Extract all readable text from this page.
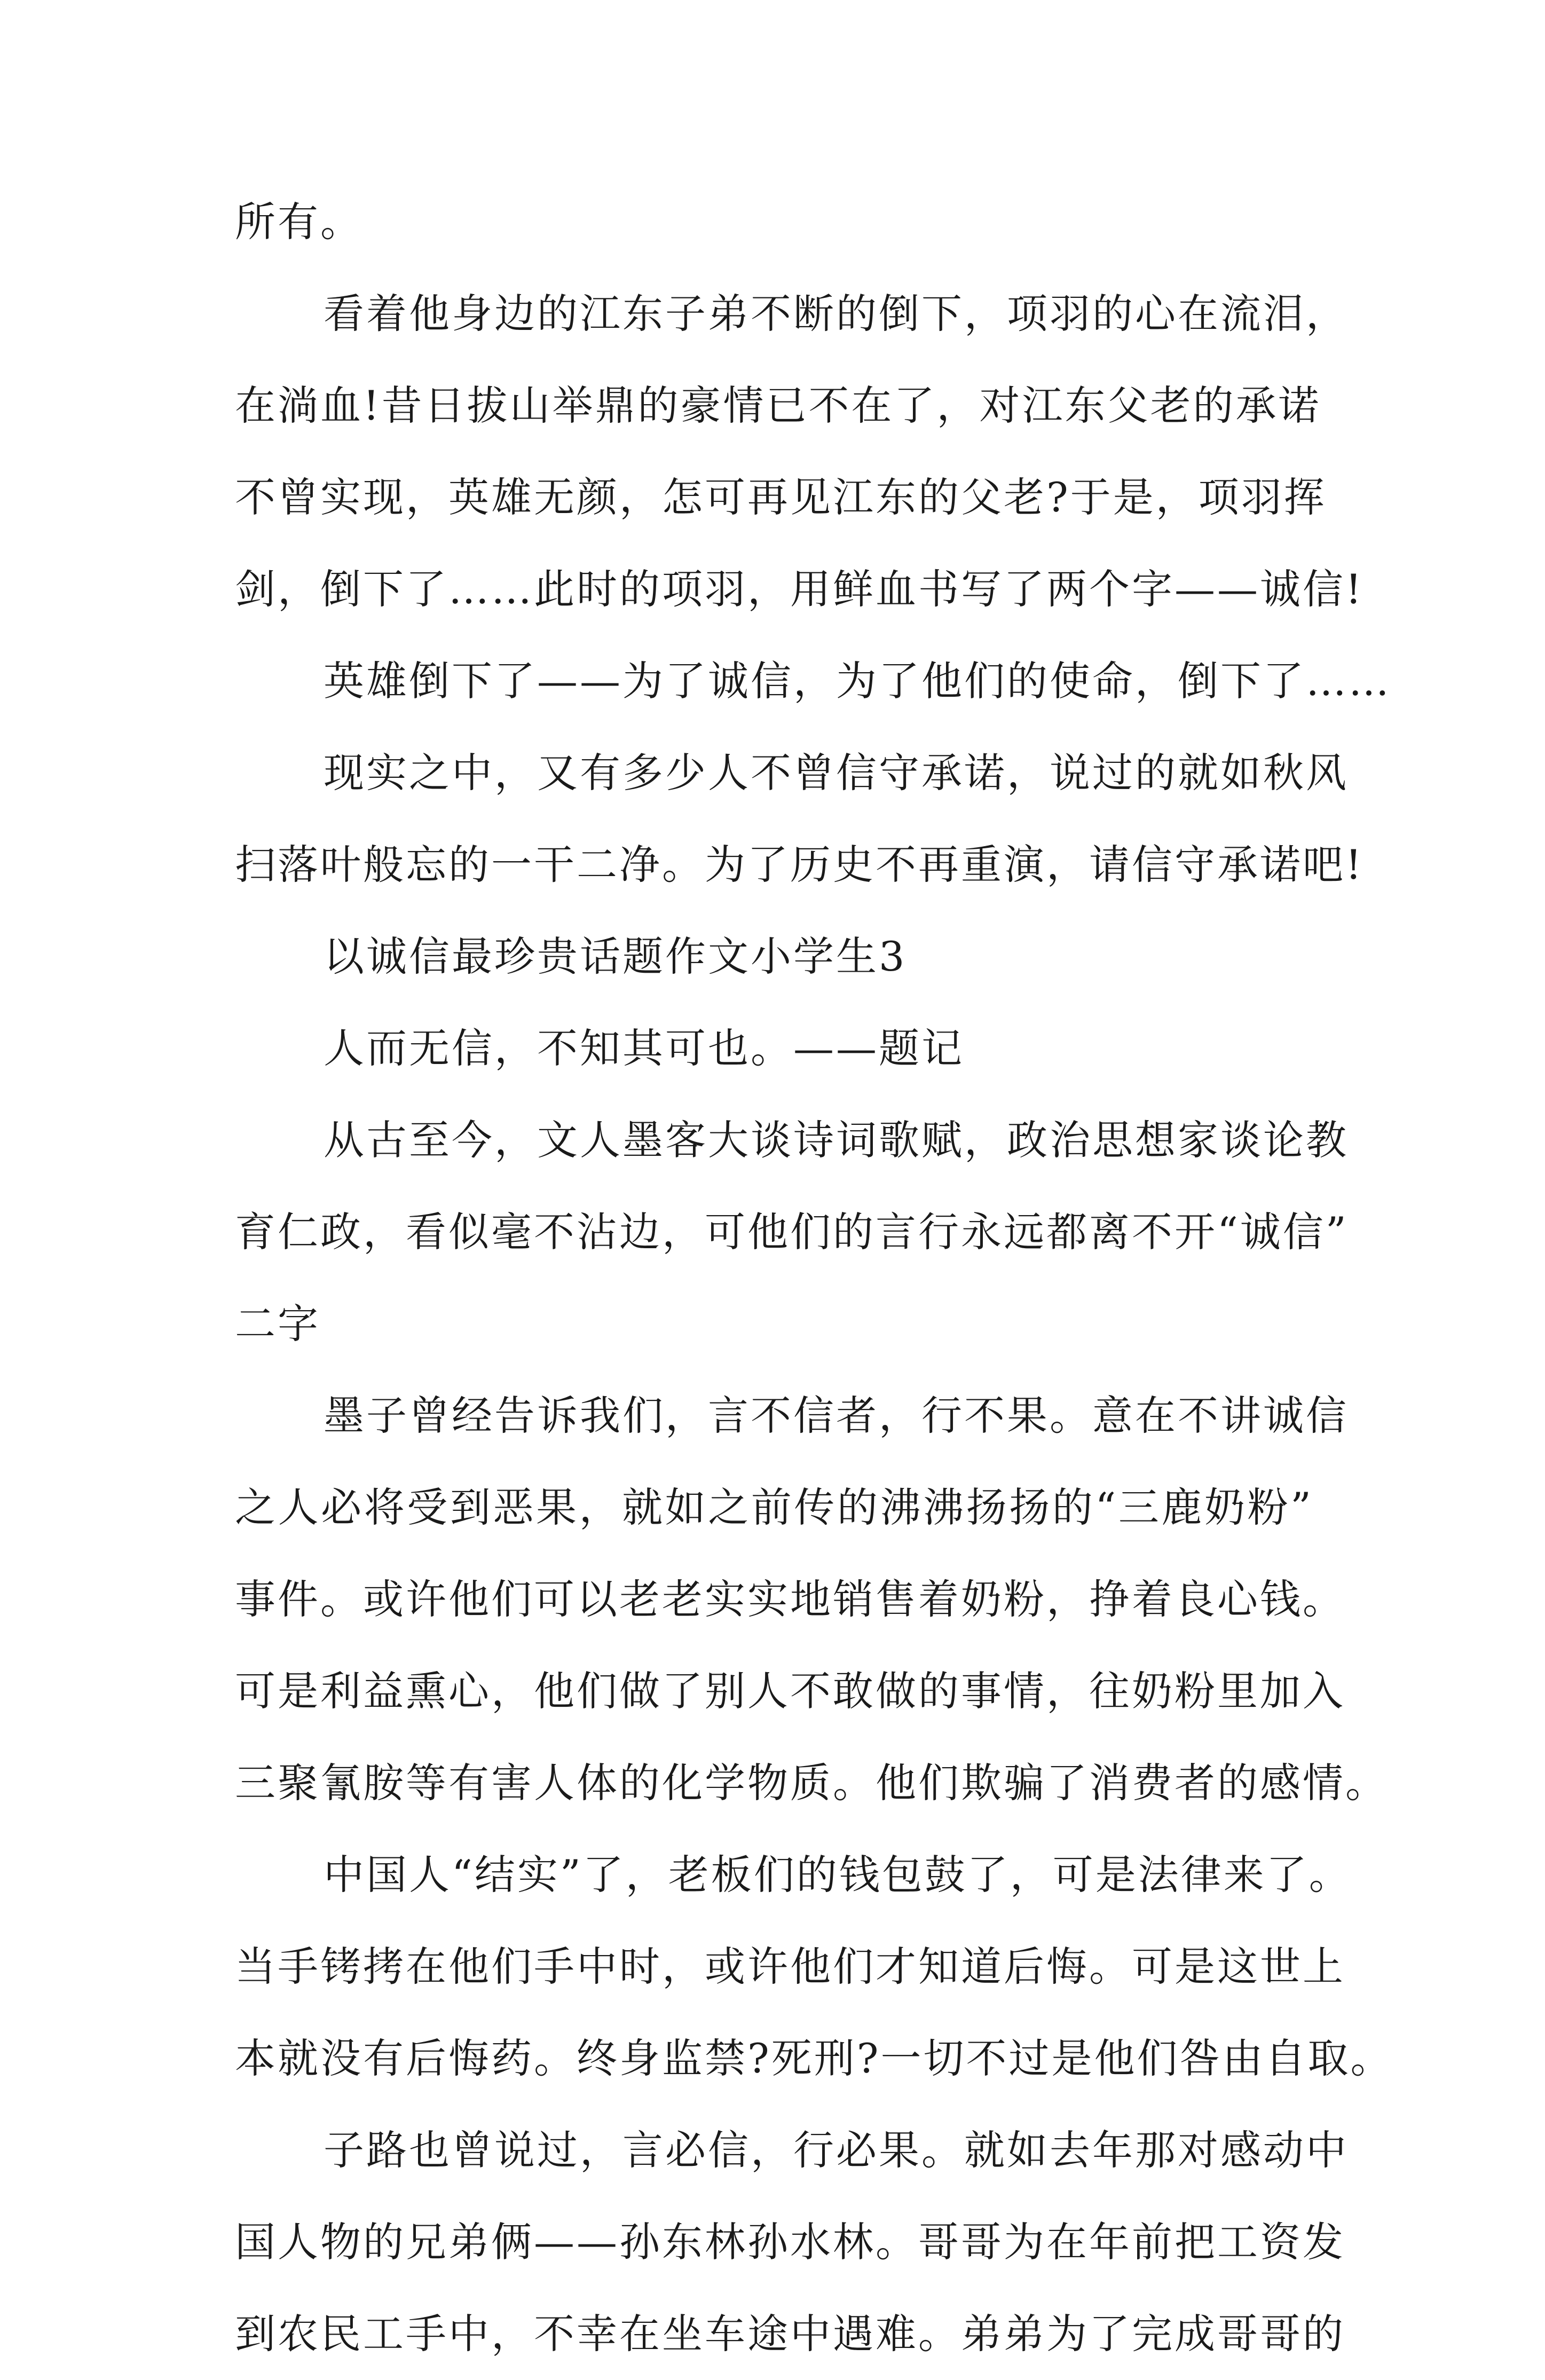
所有。
看着他身边的江东子弟不断的倒下，项羽的心在流泪，
在淌血!昔日拔山举鼎的豪情已不在了，对江东父老的承诺
不曾实现，英雄无颜，怎可再见江东的父老?于是，项羽挥
剑，倒下了……此时的项羽，用鲜血书写了两个字——诚信!
英雄倒下了——为了诚信，为了他们的使命，倒下了……
现实之中，又有多少人不曾信守承诺，说过的就如秋风
扫落叶般忘的一干二净。为了历史不再重演，请信守承诺吧!
以诚信最珍贵话题作文小学生3
人而无信，不知其可也。——题记
从古至今，文人墨客大谈诗词歌赋，政治思想家谈论教
育仁政，看似毫不沾边，可他们的言行永远都离不开“诚信”
二字
墨子曾经告诉我们，言不信者，行不果。意在不讲诚信
之人必将受到恶果，就如之前传的沸沸扬扬的“三鹿奶粉”
事件。或许他们可以老老实实地销售着奶粉，挣着良心钱。
可是利益熏心，他们做了别人不敢做的事情，往奶粉里加入
三聚氰胺等有害人体的化学物质。他们欺骗了消费者的感情。
中国人“结实”了，老板们的钱包鼓了，可是法律来了。
当手铐拷在他们手中时，或许他们才知道后悔。可是这世上
本就没有后悔药。终身监禁?死刑?一切不过是他们咎由自取。
子路也曾说过，言必信，行必果。就如去年那对感动中
国人物的兄弟俩——孙东林孙水林。哥哥为在年前把工资发
到农民工手中，不幸在坐车途中遇难。弟弟为了完成哥哥的
